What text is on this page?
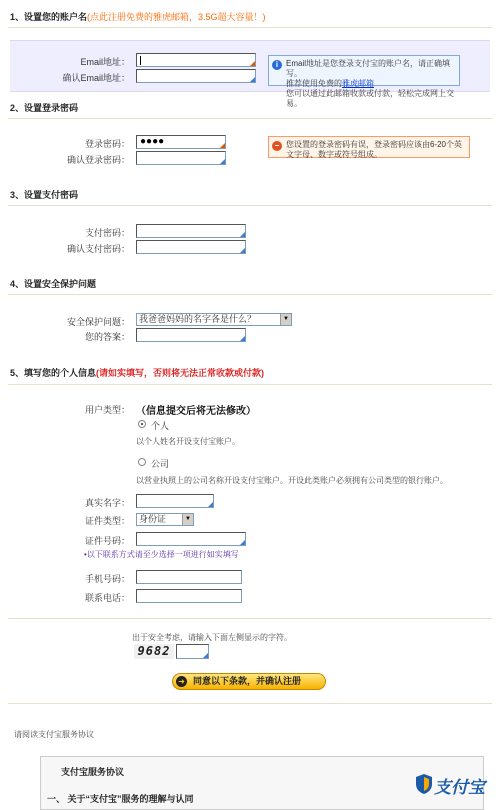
1、设置您的账户名(点此注册免费的雅虎邮箱，3.5G超大容量！)
Email地址：
确认Email地址：
i Email地址是您登录支付宝的账户名，请正确填写。
推荐使用免费的雅虎邮箱
您可以通过此邮箱收款或付款，轻松完成网上交易。
2、设置登录密码
登录密码： ●●●●
确认登录密码：
− 您设置的登录密码有误，登录密码应该由6-20个英文字母、数字或符号组成。
3、设置支付密码
支付密码：
确认支付密码：
4、设置安全保护问题
安全保护问题：	我爸爸妈妈的名字各是什么？	▼
您的答案：
5、填写您的个人信息(请如实填写，否则将无法正常收款或付款)
用户类型： （信息提交后将无法修改）
个人
以个人姓名开设支付宝账户。
公司
以营业执照上的公司名称开设支付宝账户。开设此类账户必须拥有公司类型的银行账户。
真实名字：
证件类型：	身份证	▼
证件号码：
•以下联系方式请至少选择一项进行如实填写
手机号码：
联系电话：
出于安全考虑，请输入下面左侧显示的字符。
9682
➜ 同意以下条款，并确认注册
请阅读支付宝服务协议
支付宝服务协议
一、 关于“支付宝”服务的理解与认同
支付宝
